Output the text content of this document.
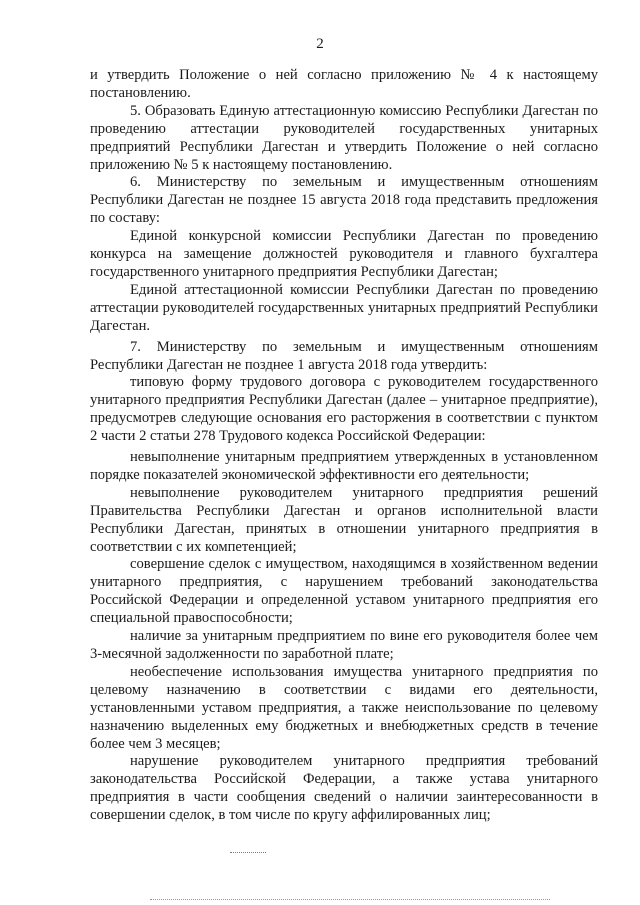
2

и утвердить Положение о ней согласно приложению № 4 к настоящему постановлению.

5. Образовать Единую аттестационную комиссию Республики Дагестан по проведению аттестации руководителей государственных унитарных предприятий Республики Дагестан и утвердить Положение о ней согласно приложению № 5 к настоящему постановлению.

6. Министерству по земельным и имущественным отношениям Республики Дагестан не позднее 15 августа 2018 года представить предложения по составу:

Единой конкурсной комиссии Республики Дагестан по проведению конкурса на замещение должностей руководителя и главного бухгалтера государственного унитарного предприятия Республики Дагестан;

Единой аттестационной комиссии Республики Дагестан по проведению аттестации руководителей государственных унитарных предприятий Республики Дагестан.

7. Министерству по земельным и имущественным отношениям Республики Дагестан не позднее 1 августа 2018 года утвердить:

типовую форму трудового договора с руководителем государственного унитарного предприятия Республики Дагестан (далее – унитарное предприятие), предусмотрев следующие основания его расторжения в соответствии с пунктом 2 части 2 статьи 278 Трудового кодекса Российской Федерации:

невыполнение унитарным предприятием утвержденных в установленном порядке показателей экономической эффективности его деятельности;

невыполнение руководителем унитарного предприятия решений Правительства Республики Дагестан и органов исполнительной власти Республики Дагестан, принятых в отношении унитарного предприятия в соответствии с их компетенцией;

совершение сделок с имуществом, находящимся в хозяйственном ведении унитарного предприятия, с нарушением требований законодательства Российской Федерации и определенной уставом унитарного предприятия его специальной правоспособности;

наличие за унитарным предприятием по вине его руководителя более чем 3-месячной задолженности по заработной плате;

необеспечение использования имущества унитарного предприятия по целевому назначению в соответствии с видами его деятельности, установленными уставом предприятия, а также неиспользование по целевому назначению выделенных ему бюджетных и внебюджетных средств в течение более чем 3 месяцев;

нарушение руководителем унитарного предприятия требований законодательства Российской Федерации, а также устава унитарного предприятия в части сообщения сведений о наличии заинтересованности в совершении сделок, в том числе по кругу аффилированных лиц;
